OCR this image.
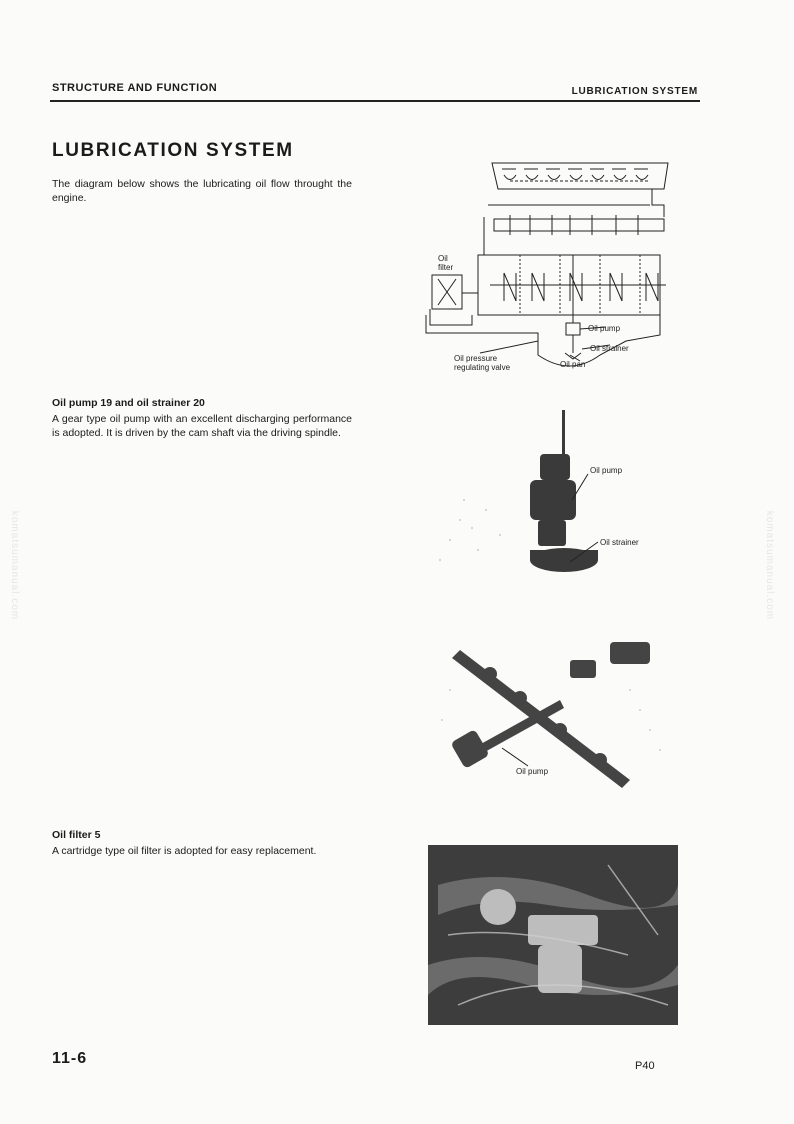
STRUCTURE AND FUNCTION	LUBRICATION SYSTEM
LUBRICATION SYSTEM
The diagram below shows the lubricating oil flow throught the engine.
Oil
filter
Oil pump
Oil strainer
Oil pressure
regulating valve	Oil pan
Oil pump 19 and oil strainer 20
A gear type oil pump with an excellent discharging performance is adopted. It is driven by the cam shaft via the driving spindle.
Oil pump
Oil strainer
Oil pump
Oil filter 5
A cartridge type oil filter is adopted for easy replacement.
11-6	P40
komatsumanual.com	komatsumanual.com
